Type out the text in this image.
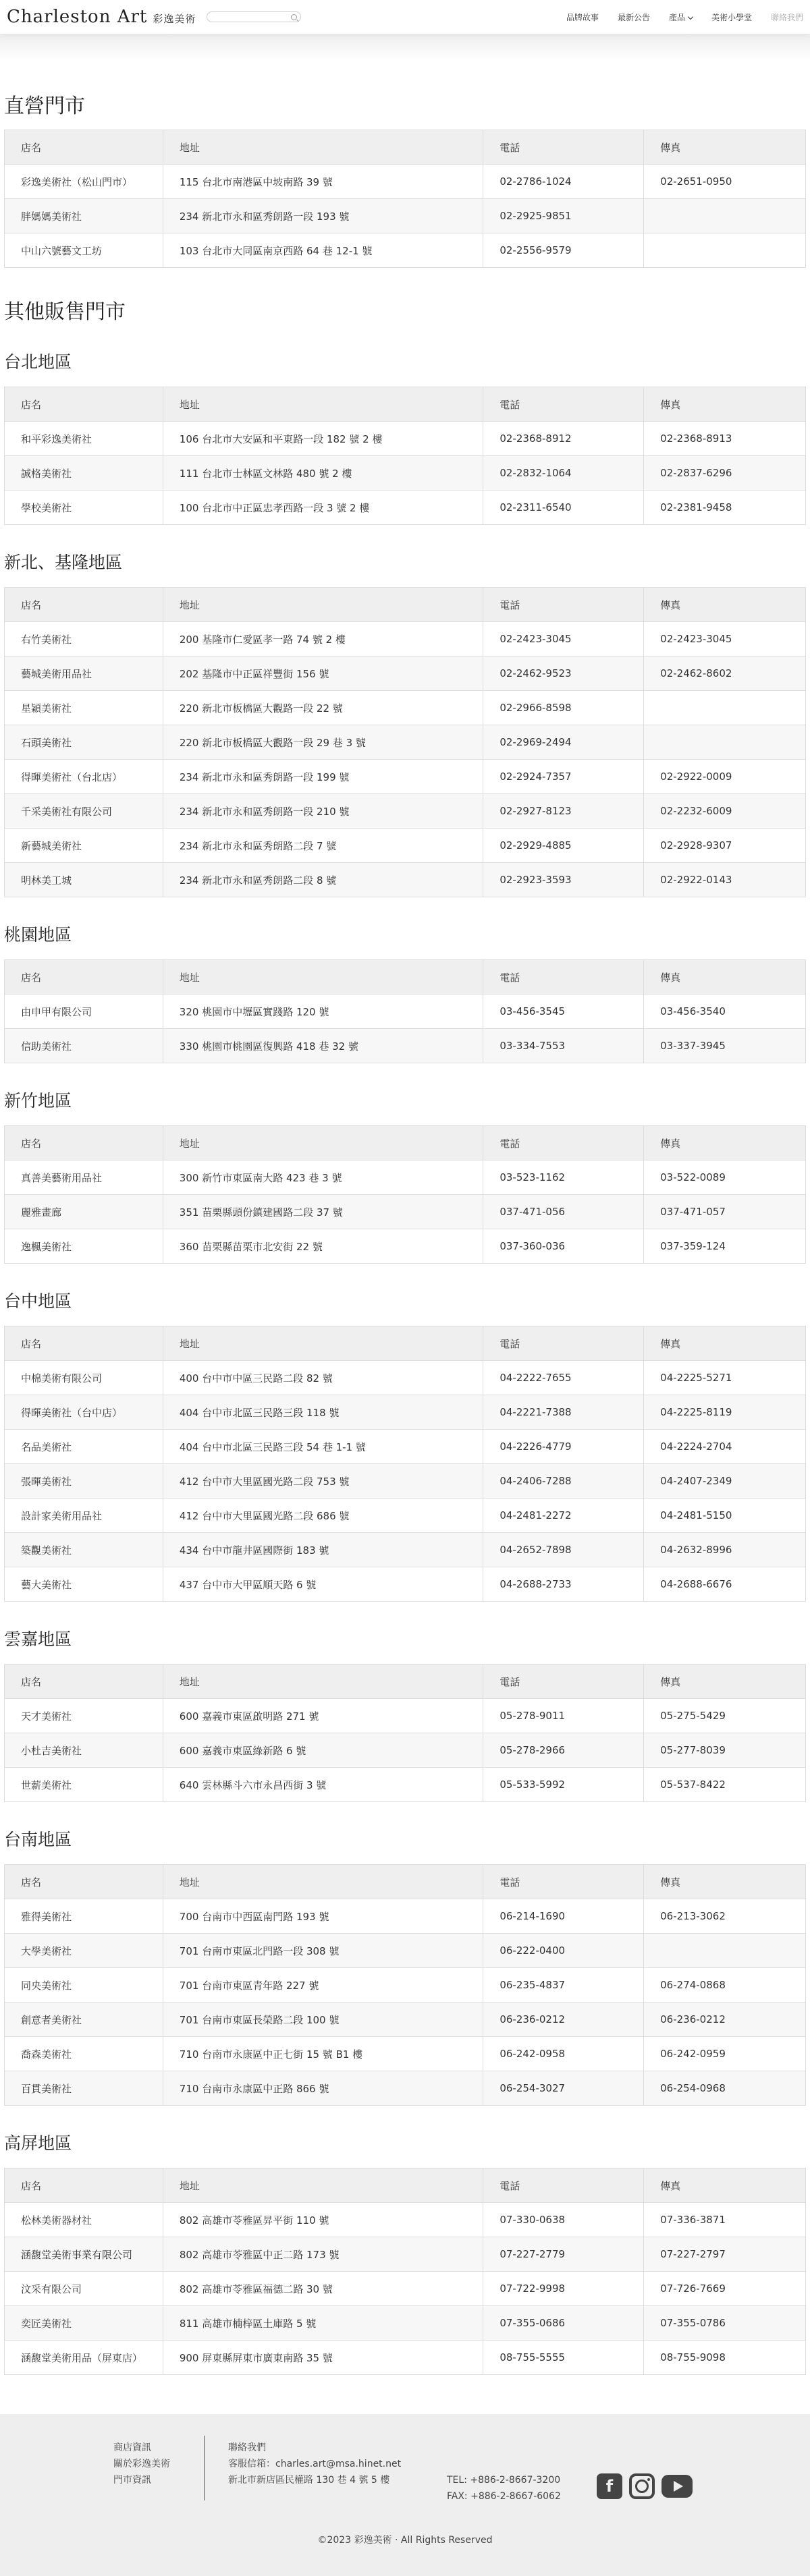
Charleston Art 彩逸美術	品牌故事 最新公告 產品	美術小學堂 聯絡我們
直營門市
店名	地址	電話	傳真
彩逸美術社（松山門市）	115 台北市南港區中坡南路 39 號	02-2786-1024	02-2651-0950
胖媽媽美術社	234 新北市永和區秀朗路一段 193 號	02-2925-9851	
中山六號藝文工坊	103 台北市大同區南京西路 64 巷 12-1 號	02-2556-9579	
其他販售門市
台北地區
店名	地址	電話	傳真
和平彩逸美術社	106 台北市大安區和平東路一段 182 號 2 樓	02-2368-8912	02-2368-8913
誠格美術社	111 台北市士林區文林路 480 號 2 樓	02-2832-1064	02-2837-6296
學校美術社	100 台北市中正區忠孝西路一段 3 號 2 樓	02-2311-6540	02-2381-9458
新北、基隆地區
店名	地址	電話	傳真
右竹美術社	200 基隆市仁愛區孝一路 74 號 2 樓	02-2423-3045	02-2423-3045
藝城美術用品社	202 基隆市中正區祥豐街 156 號	02-2462-9523	02-2462-8602
星穎美術社	220 新北市板橋區大觀路一段 22 號	02-2966-8598	
石頭美術社	220 新北市板橋區大觀路一段 29 巷 3 號	02-2969-2494	
得暉美術社（台北店）	234 新北市永和區秀朗路一段 199 號	02-2924-7357	02-2922-0009
千采美術社有限公司	234 新北市永和區秀朗路一段 210 號	02-2927-8123	02-2232-6009
新藝城美術社	234 新北市永和區秀朗路二段 7 號	02-2929-4885	02-2928-9307
明林美工城	234 新北市永和區秀朗路二段 8 號	02-2923-3593	02-2922-0143
桃園地區
店名	地址	電話	傳真
由申甲有限公司	320 桃園市中壢區實踐路 120 號	03-456-3545	03-456-3540
信助美術社	330 桃園市桃園區復興路 418 巷 32 號	03-334-7553	03-337-3945
新竹地區
店名	地址	電話	傳真
真善美藝術用品社	300 新竹市東區南大路 423 巷 3 號	03-523-1162	03-522-0089
麗雅畫廊	351 苗栗縣頭份鎮建國路二段 37 號	037-471-056	037-471-057
逸楓美術社	360 苗栗縣苗栗市北安街 22 號	037-360-036	037-359-124
台中地區
店名	地址	電話	傳真
中棉美術有限公司	400 台中市中區三民路二段 82 號	04-2222-7655	04-2225-5271
得暉美術社（台中店）	404 台中市北區三民路三段 118 號	04-2221-7388	04-2225-8119
名品美術社	404 台中市北區三民路三段 54 巷 1-1 號	04-2226-4779	04-2224-2704
張暉美術社	412 台中市大里區國光路二段 753 號	04-2406-7288	04-2407-2349
設計家美術用品社	412 台中市大里區國光路二段 686 號	04-2481-2272	04-2481-5150
築觀美術社	434 台中市龍井區國際街 183 號	04-2652-7898	04-2632-8996
藝大美術社	437 台中市大甲區順天路 6 號	04-2688-2733	04-2688-6676
雲嘉地區
店名	地址	電話	傳真
天才美術社	600 嘉義市東區啟明路 271 號	05-278-9011	05-275-5429
小杜吉美術社	600 嘉義市東區綠新路 6 號	05-278-2966	05-277-8039
世薪美術社	640 雲林縣斗六市永昌西街 3 號	05-533-5992	05-537-8422
台南地區
店名	地址	電話	傳真
雅得美術社	700 台南市中西區南門路 193 號	06-214-1690	06-213-3062
大學美術社	701 台南市東區北門路一段 308 號	06-222-0400	
同央美術社	701 台南市東區青年路 227 號	06-235-4837	06-274-0868
創意者美術社	701 台南市東區長榮路二段 100 號	06-236-0212	06-236-0212
喬森美術社	710 台南市永康區中正七街 15 號 B1 樓	06-242-0958	06-242-0959
百貫美術社	710 台南市永康區中正路 866 號	06-254-3027	06-254-0968
高屏地區
店名	地址	電話	傳真
松林美術器材社	802 高雄市苓雅區昇平街 110 號	07-330-0638	07-336-3871
涵馥堂美術事業有限公司	802 高雄市苓雅區中正二路 173 號	07-227-2779	07-227-2797
汶采有限公司	802 高雄市苓雅區福德二路 30 號	07-722-9998	07-726-7669
奕匠美術社	811 高雄市楠梓區土庫路 5 號	07-355-0686	07-355-0786
涵馥堂美術用品（屏東店）	900 屏東縣屏東市廣東南路 35 號	08-755-5555	08-755-9098
商店資訊
關於彩逸美術
門市資訊
聯絡我們
客服信箱：charles.art@msa.hinet.net
新北市新店區民權路 130 巷 4 號 5 樓	TEL: +886-2-8667-3200
FAX: +886-2-8667-6062
f
©2023 彩逸美術 · All Rights Reserved
